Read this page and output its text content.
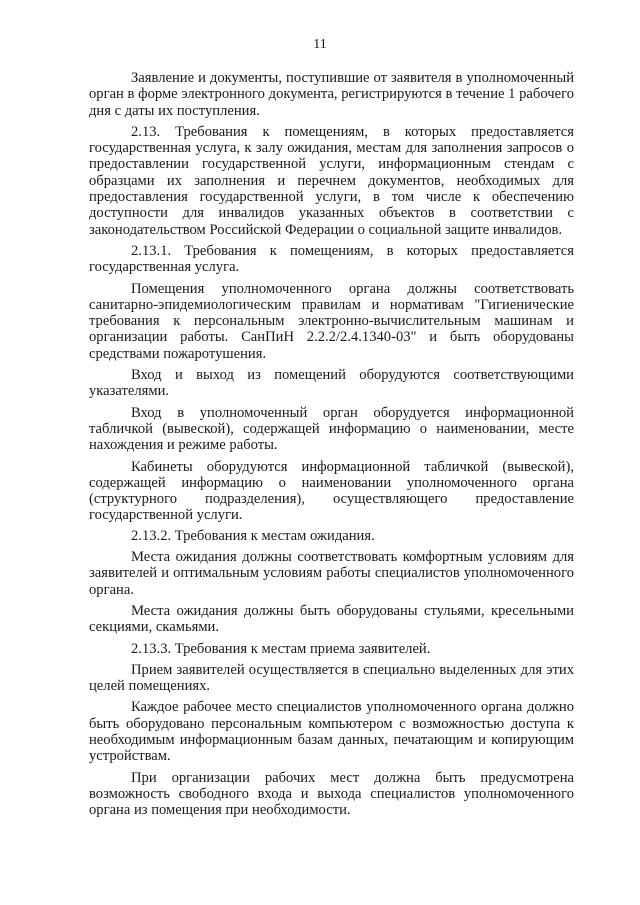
11

Заявление и документы, поступившие от заявителя в уполномоченный орган в форме электронного документа, регистрируются в течение 1 рабочего дня с даты их поступления.

2.13. Требования к помещениям, в которых предоставляется государственная услуга, к залу ожидания, местам для заполнения запросов о предоставлении государственной услуги, информационным стендам с образцами их заполнения и перечнем документов, необходимых для предоставления государственной услуги, в том числе к обеспечению доступности для инвалидов указанных объектов в соответствии с законодательством Российской Федерации о социальной защите инвалидов.

2.13.1. Требования к помещениям, в которых предоставляется государственная услуга.

Помещения уполномоченного органа должны соответствовать санитарно-эпидемиологическим правилам и нормативам "Гигиенические требования к персональным электронно-вычислительным машинам и организации работы. СанПиН 2.2.2/2.4.1340-03" и быть оборудованы средствами пожаротушения.

Вход и выход из помещений оборудуются соответствующими указателями.

Вход в уполномоченный орган оборудуется информационной табличкой (вывеской), содержащей информацию о наименовании, месте нахождения и режиме работы.

Кабинеты оборудуются информационной табличкой (вывеской), содержащей информацию о наименовании уполномоченного органа (структурного подразделения), осуществляющего предоставление государственной услуги.

2.13.2. Требования к местам ожидания.

Места ожидания должны соответствовать комфортным условиям для заявителей и оптимальным условиям работы специалистов уполномоченного органа.

Места ожидания должны быть оборудованы стульями, кресельными секциями, скамьями.

2.13.3. Требования к местам приема заявителей.

Прием заявителей осуществляется в специально выделенных для этих целей помещениях.

Каждое рабочее место специалистов уполномоченного органа должно быть оборудовано персональным компьютером с возможностью доступа к необходимым информационным базам данных, печатающим и копирующим устройствам.

При организации рабочих мест должна быть предусмотрена возможность свободного входа и выхода специалистов уполномоченного органа из помещения при необходимости.
